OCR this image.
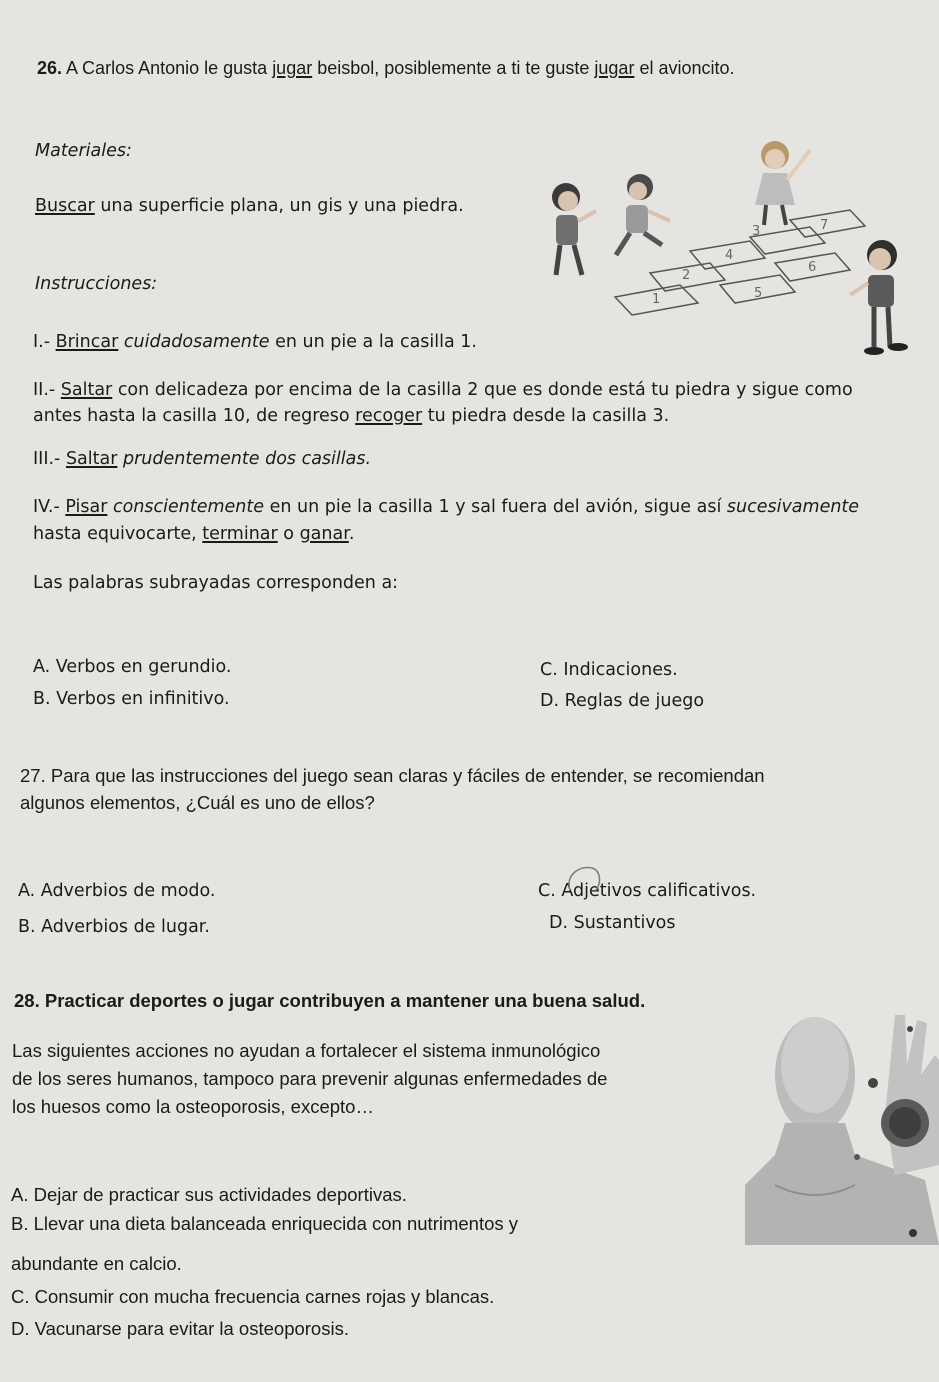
26. A Carlos Antonio le gusta jugar beisbol, posiblemente a ti te guste jugar el avioncito.
Materiales:
Buscar una superficie plana, un gis y una piedra.
Instrucciones:
I.- Brincar cuidadosamente en un pie a la casilla 1.
II.- Saltar con delicadeza por encima de la casilla 2 que es donde está tu piedra y sigue como
antes hasta la casilla 10, de regreso recoger tu piedra desde la casilla 3.
III.- Saltar prudentemente dos casillas.
IV.- Pisar conscientemente en un pie la casilla 1 y sal fuera del avión, sigue así sucesivamente
hasta equivocarte, terminar o ganar.
Las palabras subrayadas corresponden a:
A. Verbos en gerundio.
B. Verbos en infinitivo.
C. Indicaciones.
D. Reglas de juego
1
2
3
4
5
6
7
27. Para que las instrucciones del juego sean claras y fáciles de entender, se recomiendan
algunos elementos, ¿Cuál es uno de ellos?
A. Adverbios de modo.
B. Adverbios de lugar.
C. Adjetivos calificativos.
D. Sustantivos
28. Practicar deportes o jugar contribuyen a mantener una buena salud.
Las siguientes acciones no ayudan a fortalecer el sistema inmunológico
de los seres humanos, tampoco para prevenir algunas enfermedades de
los huesos como la osteoporosis, excepto…
A. Dejar de practicar sus actividades deportivas.
B. Llevar una dieta balanceada enriquecida con nutrimentos y
abundante en calcio.
C. Consumir con mucha frecuencia carnes rojas y blancas.
D. Vacunarse para evitar la osteoporosis.
